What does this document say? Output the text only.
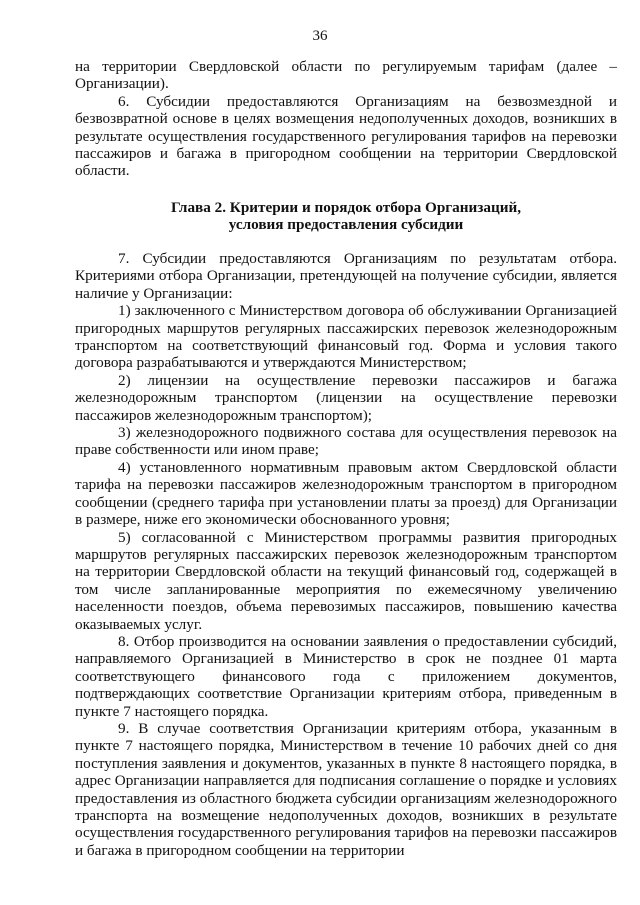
36

на территории Свердловской области по регулируемым тарифам (далее – Организации).

6. Субсидии предоставляются Организациям на безвозмездной и безвозвратной основе в целях возмещения недополученных доходов, возникших в результате осуществления государственного регулирования тарифов на перевозки пассажиров и багажа в пригородном сообщении на территории Свердловской области.

Глава 2. Критерии и порядок отбора Организаций,
условия предоставления субсидии

7. Субсидии предоставляются Организациям по результатам отбора. Критериями отбора Организации, претендующей на получение субсидии, является наличие у Организации:

1) заключенного с Министерством договора об обслуживании Организацией пригородных маршрутов регулярных пассажирских перевозок железнодорожным транспортом на соответствующий финансовый год. Форма и условия такого договора разрабатываются и утверждаются Министерством;

2) лицензии на осуществление перевозки пассажиров и багажа железнодорожным транспортом (лицензии на осуществление перевозки пассажиров железнодорожным транспортом);

3) железнодорожного подвижного состава для осуществления перевозок на праве собственности или ином праве;

4) установленного нормативным правовым актом Свердловской области тарифа на перевозки пассажиров железнодорожным транспортом в пригородном сообщении (среднего тарифа при установлении платы за проезд) для Организации в размере, ниже его экономически обоснованного уровня;

5) согласованной с Министерством программы развития пригородных маршрутов регулярных пассажирских перевозок железнодорожным транспортом на территории Свердловской области на текущий финансовый год, содержащей в том числе запланированные мероприятия по ежемесячному увеличению населенности поездов, объема перевозимых пассажиров, повышению качества оказываемых услуг.

8. Отбор производится на основании заявления о предоставлении субсидий, направляемого Организацией в Министерство в срок не позднее 01 марта соответствующего финансового года с приложением документов, подтверждающих соответствие Организации критериям отбора, приведенным в пункте 7 настоящего порядка.

9. В случае соответствия Организации критериям отбора, указанным в пункте 7 настоящего порядка, Министерством в течение 10 рабочих дней со дня поступления заявления и документов, указанных в пункте 8 настоящего порядка, в адрес Организации направляется для подписания соглашение о порядке и условиях предоставления из областного бюджета субсидии организациям железнодорожного транспорта на возмещение недополученных доходов, возникших в результате осуществления государственного регулирования тарифов на перевозки пассажиров и багажа в пригородном сообщении на территории
